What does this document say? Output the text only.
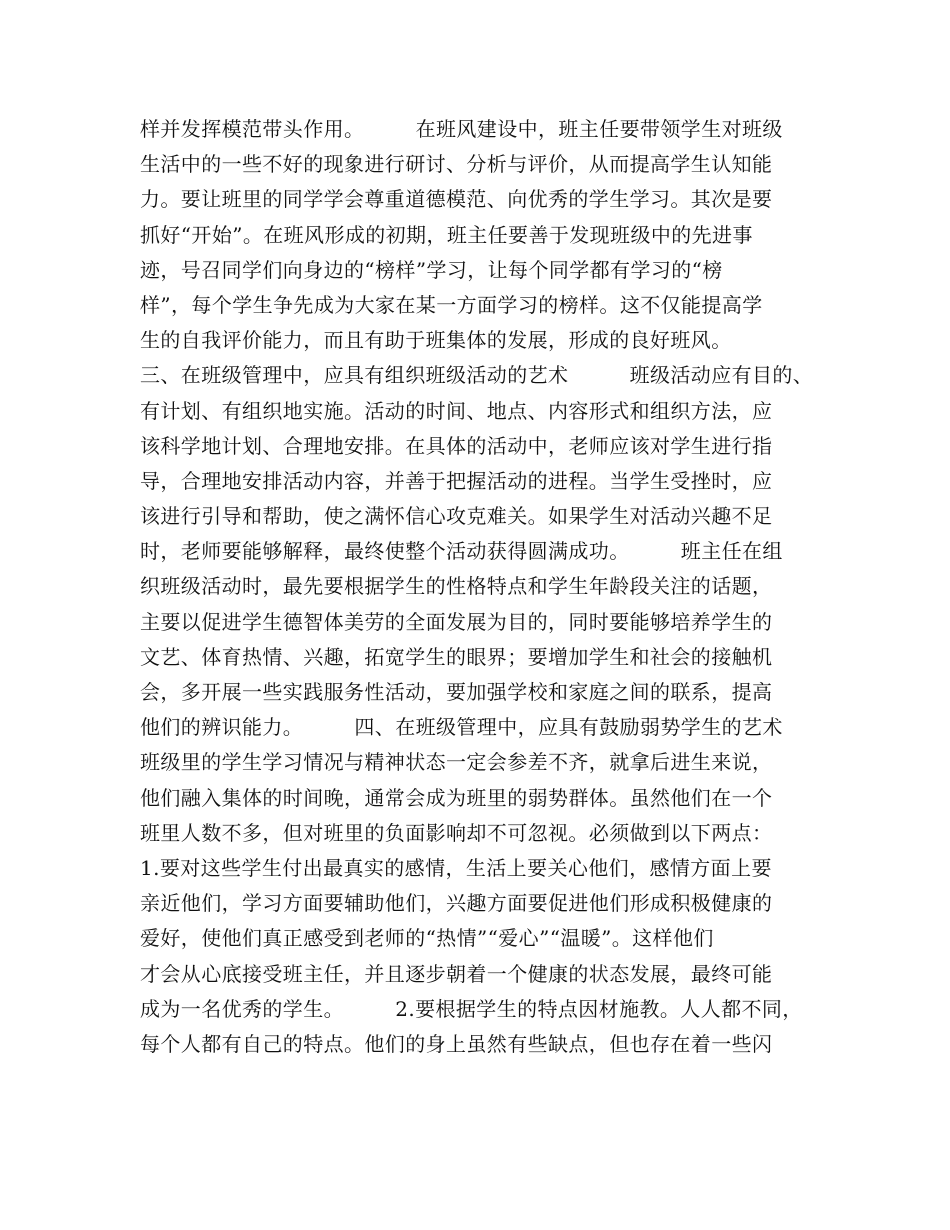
样并发挥模范带头作用。　　　在班风建设中，班主任要带领学生对班级
生活中的一些不好的现象进行研讨、分析与评价，从而提高学生认知能
力。要让班里的同学学会尊重道德模范、向优秀的学生学习。其次是要
抓好“开始”。在班风形成的初期，班主任要善于发现班级中的先进事
迹，号召同学们向身边的“榜样”学习，让每个同学都有学习的“榜
样”，每个学生争先成为大家在某一方面学习的榜样。这不仅能提高学
生的自我评价能力，而且有助于班集体的发展，形成的良好班风。
三、在班级管理中，应具有组织班级活动的艺术　　　班级活动应有目的、
有计划、有组织地实施。活动的时间、地点、内容形式和组织方法，应
该科学地计划、合理地安排。在具体的活动中，老师应该对学生进行指
导，合理地安排活动内容，并善于把握活动的进程。当学生受挫时，应
该进行引导和帮助，使之满怀信心攻克难关。如果学生对活动兴趣不足
时，老师要能够解释，最终使整个活动获得圆满成功。　　　班主任在组
织班级活动时，最先要根据学生的性格特点和学生年龄段关注的话题，
主要以促进学生德智体美劳的全面发展为目的，同时要能够培养学生的
文艺、体育热情、兴趣，拓宽学生的眼界；要增加学生和社会的接触机
会，多开展一些实践服务性活动，要加强学校和家庭之间的联系，提高
他们的辨识能力。　　　四、在班级管理中，应具有鼓励弱势学生的艺术
班级里的学生学习情况与精神状态一定会参差不齐，就拿后进生来说，
他们融入集体的时间晚，通常会成为班里的弱势群体。虽然他们在一个
班里人数不多，但对班里的负面影响却不可忽视。必须做到以下两点：
1.要对这些学生付出最真实的感情，生活上要关心他们，感情方面上要
亲近他们，学习方面要辅助他们，兴趣方面要促进他们形成积极健康的
爱好，使他们真正感受到老师的“热情”“爱心”“温暖”。这样他们
才会从心底接受班主任，并且逐步朝着一个健康的状态发展，最终可能
成为一名优秀的学生。　　　2.要根据学生的特点因材施教。人人都不同，
每个人都有自己的特点。他们的身上虽然有些缺点，但也存在着一些闪
